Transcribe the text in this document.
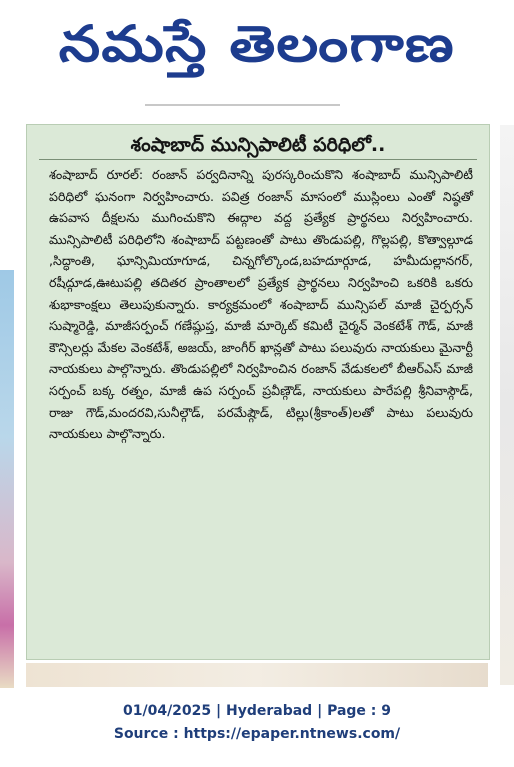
నమస్తే తెలంగాణ
శంషాబాద్ మున్సిపాలిటీ పరిధిలో..
శంషాబాద్ రూరల్: రంజాన్ పర్వదినాన్ని పురస్కరించుకొని శంషాబాద్ మున్సిపాలిటీ పరిధిలో ఘనంగా నిర్వహించారు. పవిత్ర రంజాన్ మాసంలో ముస్లింలు ఎంతో నిష్ఠతో ఉపవాస దీక్షలను ముగించుకొని ఈద్గాల వద్ద ప్రత్యేక ప్రార్థనలు నిర్వహించారు. మున్సిపాలిటీ పరిధిలోని శంషాబాద్ పట్టణంతో పాటు తొండుపల్లి, గొల్లపల్లి, కొత్వాల్గూడ ,సిద్ధాంతి, ఘాన్సిమియాగూడ, చిన్నగోల్కొండ,బహదూర్గూడ, హమీదుల్లానగర్, రషీద్గూడ,ఊటుపల్లి తదితర ప్రాంతాలలో ప్రత్యేక ప్రార్థనలు నిర్వహించి ఒకరికి ఒకరు శుభాకాంక్షలు తెలుపుకున్నారు. కార్యక్రమంలో శంషాబాద్ మున్సిపల్ మాజీ చైర్పర్సన్ సుష్మారెడ్డి, మాజీసర్పంచ్ గణేష్గుప్త, మాజీ మార్కెట్ కమిటీ చైర్మన్ వెంకటేశ్ గౌడ్, మాజీ కౌన్సిలర్లు మేకల వెంకటేశ్, అజయ్, జాంగీర్ ఖాన్లతో పాటు పలువురు నాయకులు మైనార్టీ నాయకులు పాల్గొన్నారు. తొండుపల్లిలో నిర్వహించిన రంజాన్ వేడుకలలో బీఆర్ఎస్ మాజీ సర్పంచ్ బక్క రత్నం, మాజీ ఉప సర్పంచ్ ప్రవీణ్గౌడ్, నాయకులు పారేపల్లి శ్రీనివాస్గౌడ్, రాజు గౌడ్,మందరవి,సునీల్గౌడ్, పరమేష్గౌడ్, టిల్లు(శ్రీకాంత్)లతో పాటు పలువురు నాయకులు పాల్గొన్నారు.
01/04/2025 | Hyderabad | Page : 9
Source : https://epaper.ntnews.com/
